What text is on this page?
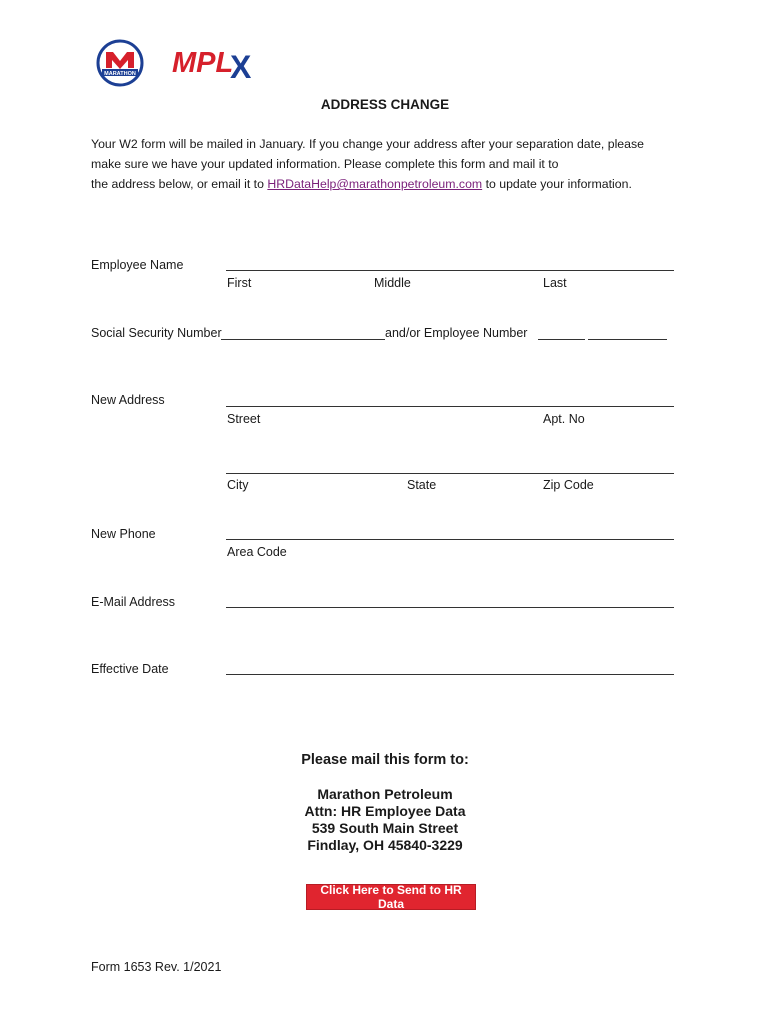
MARATHON MPL
X
ADDRESS CHANGE
Your W2 form will be mailed in January. If you change your address after your separation date, please
make sure we have your updated information. Please complete this form and mail it to
the address below, or email it to HRDataHelp@marathonpetroleum.com to update your information.
Employee Name
First	Middle	Last
Social Security Number	and/or Employee Number
New Address
Street	Apt. No
City	State	Zip Code
New Phone
Area Code
E-Mail Address
Effective Date
Please mail this form to:
Marathon Petroleum
Attn: HR Employee Data
539 South Main Street
Findlay, OH 45840-3229
Click Here to Send to HR Data
Form 1653 Rev. 1/2021
